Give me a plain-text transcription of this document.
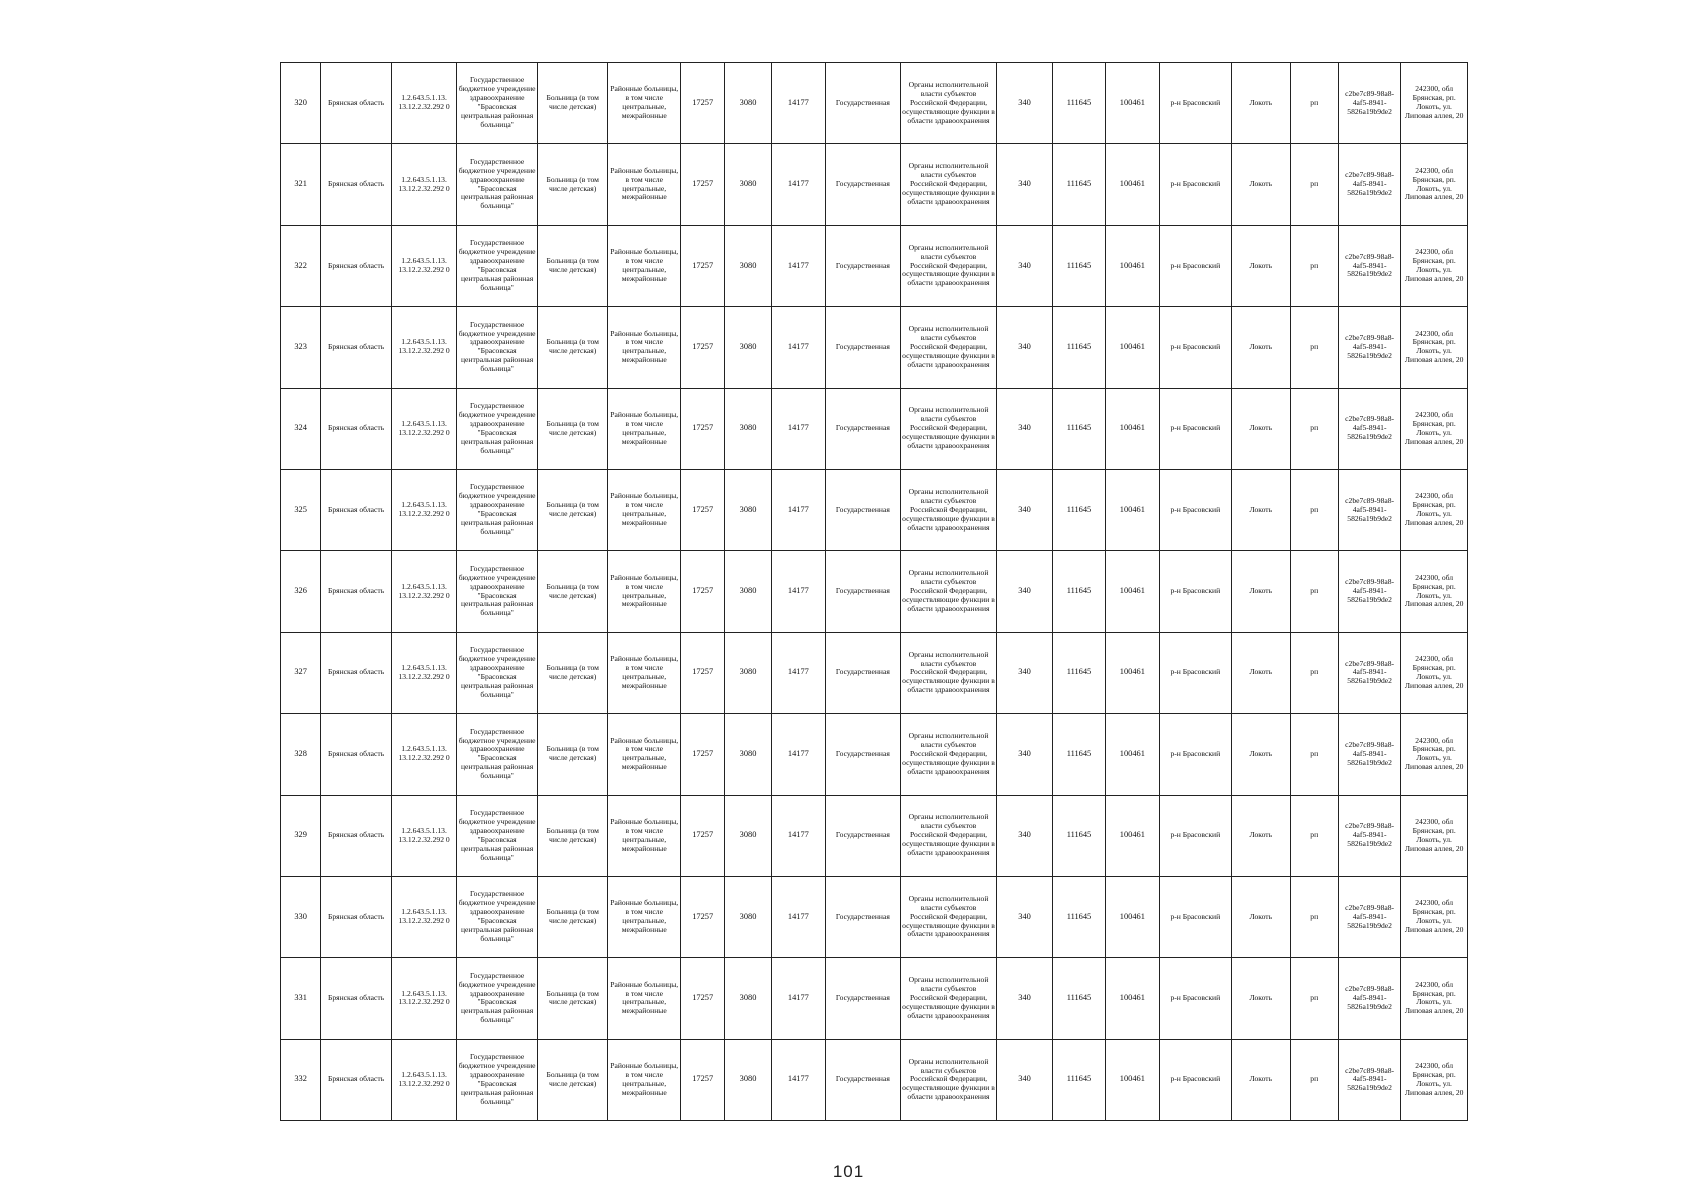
320	Брянская область	1.2.643.5.1.13. 13.12.2.32.292 0	Государственное бюджетное учреждение здравоохранение "Брасовская центральная районная больница"	Больница (в том числе детская)	Районные больницы, в том числе центральные, межрайонные	17257	3080	14177	Государственная	Органы исполнительной власти субъектов Российской Федерации, осуществляющие функции в области здравоохранения	340	111645	100461	р-н Брасовский	Локоть	рп	c2be7c89-98a8-4af5-8941-5826a19b9de2	242300, обл Брянская, рп. Локоть, ул. Липовая аллея, 20
321	Брянская область	1.2.643.5.1.13. 13.12.2.32.292 0	Государственное бюджетное учреждение здравоохранение "Брасовская центральная районная больница"	Больница (в том числе детская)	Районные больницы, в том числе центральные, межрайонные	17257	3080	14177	Государственная	Органы исполнительной власти субъектов Российской Федерации, осуществляющие функции в области здравоохранения	340	111645	100461	р-н Брасовский	Локоть	рп	c2be7c89-98a8-4af5-8941-5826a19b9de2	242300, обл Брянская, рп. Локоть, ул. Липовая аллея, 20
322	Брянская область	1.2.643.5.1.13. 13.12.2.32.292 0	Государственное бюджетное учреждение здравоохранение "Брасовская центральная районная больница"	Больница (в том числе детская)	Районные больницы, в том числе центральные, межрайонные	17257	3080	14177	Государственная	Органы исполнительной власти субъектов Российской Федерации, осуществляющие функции в области здравоохранения	340	111645	100461	р-н Брасовский	Локоть	рп	c2be7c89-98a8-4af5-8941-5826a19b9de2	242300, обл Брянская, рп. Локоть, ул. Липовая аллея, 20
323	Брянская область	1.2.643.5.1.13. 13.12.2.32.292 0	Государственное бюджетное учреждение здравоохранение "Брасовская центральная районная больница"	Больница (в том числе детская)	Районные больницы, в том числе центральные, межрайонные	17257	3080	14177	Государственная	Органы исполнительной власти субъектов Российской Федерации, осуществляющие функции в области здравоохранения	340	111645	100461	р-н Брасовский	Локоть	рп	c2be7c89-98a8-4af5-8941-5826a19b9de2	242300, обл Брянская, рп. Локоть, ул. Липовая аллея, 20
324	Брянская область	1.2.643.5.1.13. 13.12.2.32.292 0	Государственное бюджетное учреждение здравоохранение "Брасовская центральная районная больница"	Больница (в том числе детская)	Районные больницы, в том числе центральные, межрайонные	17257	3080	14177	Государственная	Органы исполнительной власти субъектов Российской Федерации, осуществляющие функции в области здравоохранения	340	111645	100461	р-н Брасовский	Локоть	рп	c2be7c89-98a8-4af5-8941-5826a19b9de2	242300, обл Брянская, рп. Локоть, ул. Липовая аллея, 20
325	Брянская область	1.2.643.5.1.13. 13.12.2.32.292 0	Государственное бюджетное учреждение здравоохранение "Брасовская центральная районная больница"	Больница (в том числе детская)	Районные больницы, в том числе центральные, межрайонные	17257	3080	14177	Государственная	Органы исполнительной власти субъектов Российской Федерации, осуществляющие функции в области здравоохранения	340	111645	100461	р-н Брасовский	Локоть	рп	c2be7c89-98a8-4af5-8941-5826a19b9de2	242300, обл Брянская, рп. Локоть, ул. Липовая аллея, 20
326	Брянская область	1.2.643.5.1.13. 13.12.2.32.292 0	Государственное бюджетное учреждение здравоохранение "Брасовская центральная районная больница"	Больница (в том числе детская)	Районные больницы, в том числе центральные, межрайонные	17257	3080	14177	Государственная	Органы исполнительной власти субъектов Российской Федерации, осуществляющие функции в области здравоохранения	340	111645	100461	р-н Брасовский	Локоть	рп	c2be7c89-98a8-4af5-8941-5826a19b9de2	242300, обл Брянская, рп. Локоть, ул. Липовая аллея, 20
327	Брянская область	1.2.643.5.1.13. 13.12.2.32.292 0	Государственное бюджетное учреждение здравоохранение "Брасовская центральная районная больница"	Больница (в том числе детская)	Районные больницы, в том числе центральные, межрайонные	17257	3080	14177	Государственная	Органы исполнительной власти субъектов Российской Федерации, осуществляющие функции в области здравоохранения	340	111645	100461	р-н Брасовский	Локоть	рп	c2be7c89-98a8-4af5-8941-5826a19b9de2	242300, обл Брянская, рп. Локоть, ул. Липовая аллея, 20
328	Брянская область	1.2.643.5.1.13. 13.12.2.32.292 0	Государственное бюджетное учреждение здравоохранение "Брасовская центральная районная больница"	Больница (в том числе детская)	Районные больницы, в том числе центральные, межрайонные	17257	3080	14177	Государственная	Органы исполнительной власти субъектов Российской Федерации, осуществляющие функции в области здравоохранения	340	111645	100461	р-н Брасовский	Локоть	рп	c2be7c89-98a8-4af5-8941-5826a19b9de2	242300, обл Брянская, рп. Локоть, ул. Липовая аллея, 20
329	Брянская область	1.2.643.5.1.13. 13.12.2.32.292 0	Государственное бюджетное учреждение здравоохранение "Брасовская центральная районная больница"	Больница (в том числе детская)	Районные больницы, в том числе центральные, межрайонные	17257	3080	14177	Государственная	Органы исполнительной власти субъектов Российской Федерации, осуществляющие функции в области здравоохранения	340	111645	100461	р-н Брасовский	Локоть	рп	c2be7c89-98a8-4af5-8941-5826a19b9de2	242300, обл Брянская, рп. Локоть, ул. Липовая аллея, 20
330	Брянская область	1.2.643.5.1.13. 13.12.2.32.292 0	Государственное бюджетное учреждение здравоохранение "Брасовская центральная районная больница"	Больница (в том числе детская)	Районные больницы, в том числе центральные, межрайонные	17257	3080	14177	Государственная	Органы исполнительной власти субъектов Российской Федерации, осуществляющие функции в области здравоохранения	340	111645	100461	р-н Брасовский	Локоть	рп	c2be7c89-98a8-4af5-8941-5826a19b9de2	242300, обл Брянская, рп. Локоть, ул. Липовая аллея, 20
331	Брянская область	1.2.643.5.1.13. 13.12.2.32.292 0	Государственное бюджетное учреждение здравоохранение "Брасовская центральная районная больница"	Больница (в том числе детская)	Районные больницы, в том числе центральные, межрайонные	17257	3080	14177	Государственная	Органы исполнительной власти субъектов Российской Федерации, осуществляющие функции в области здравоохранения	340	111645	100461	р-н Брасовский	Локоть	рп	c2be7c89-98a8-4af5-8941-5826a19b9de2	242300, обл Брянская, рп. Локоть, ул. Липовая аллея, 20
332	Брянская область	1.2.643.5.1.13. 13.12.2.32.292 0	Государственное бюджетное учреждение здравоохранение "Брасовская центральная районная больница"	Больница (в том числе детская)	Районные больницы, в том числе центральные, межрайонные	17257	3080	14177	Государственная	Органы исполнительной власти субъектов Российской Федерации, осуществляющие функции в области здравоохранения	340	111645	100461	р-н Брасовский	Локоть	рп	c2be7c89-98a8-4af5-8941-5826a19b9de2	242300, обл Брянская, рп. Локоть, ул. Липовая аллея, 20
101
